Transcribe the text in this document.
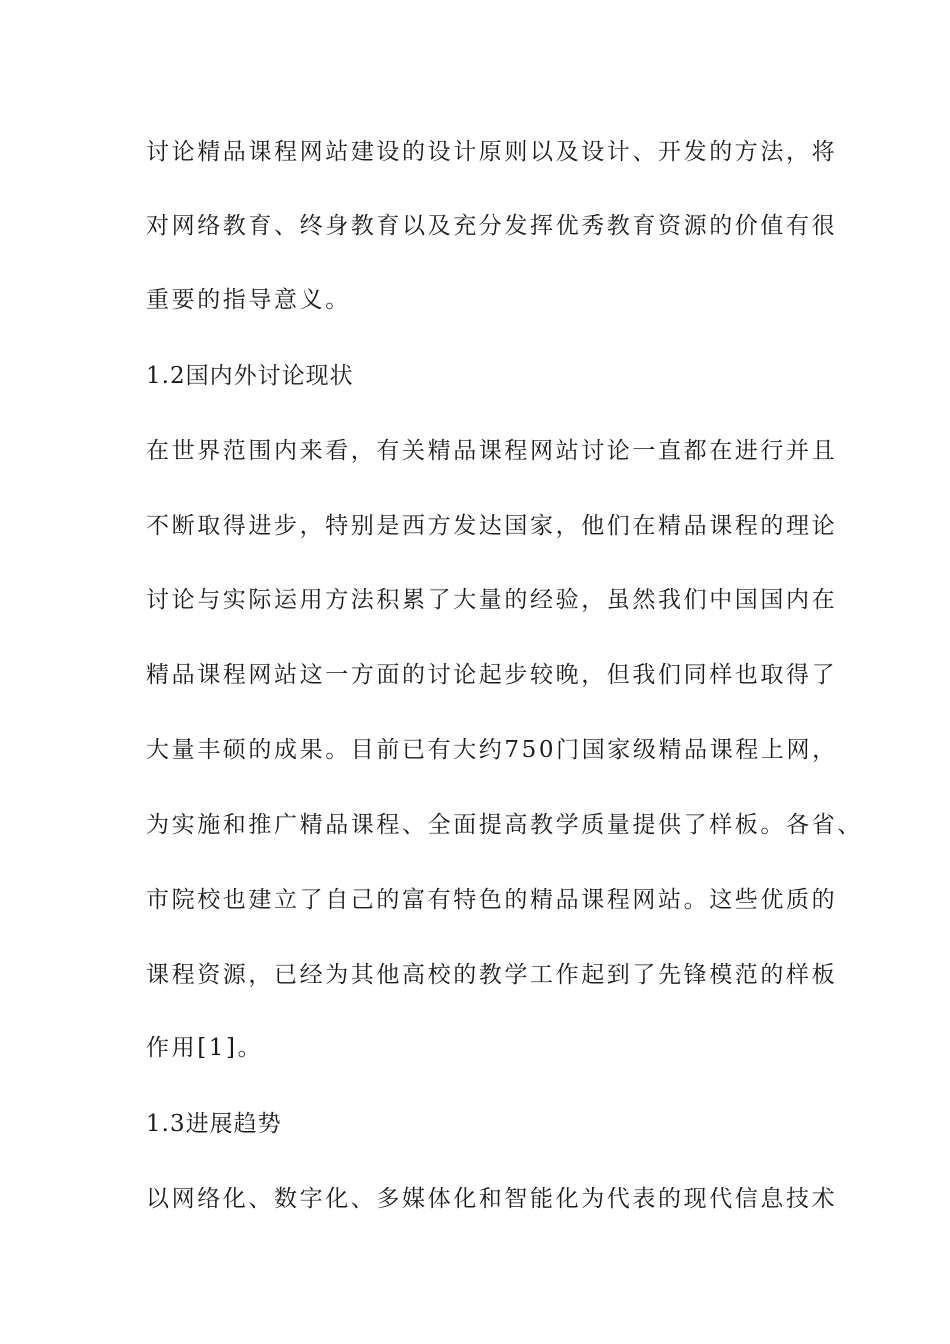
讨论精品课程网站建设的设计原则以及设计、开发的方法，将
对网络教育、终身教育以及充分发挥优秀教育资源的价值有很
重要的指导意义。
1.2国内外讨论现状
在世界范围内来看，有关精品课程网站讨论一直都在进行并且
不断取得进步，特别是西方发达国家，他们在精品课程的理论
讨论与实际运用方法积累了大量的经验，虽然我们中国国内在
精品课程网站这一方面的讨论起步较晚，但我们同样也取得了
大量丰硕的成果。目前已有大约750门国家级精品课程上网，
为实施和推广精品课程、全面提高教学质量提供了样板。各省、
市院校也建立了自己的富有特色的精品课程网站。这些优质的
课程资源，已经为其他高校的教学工作起到了先锋模范的样板
作用[1]。
1.3进展趋势
以网络化、数字化、多媒体化和智能化为代表的现代信息技术
